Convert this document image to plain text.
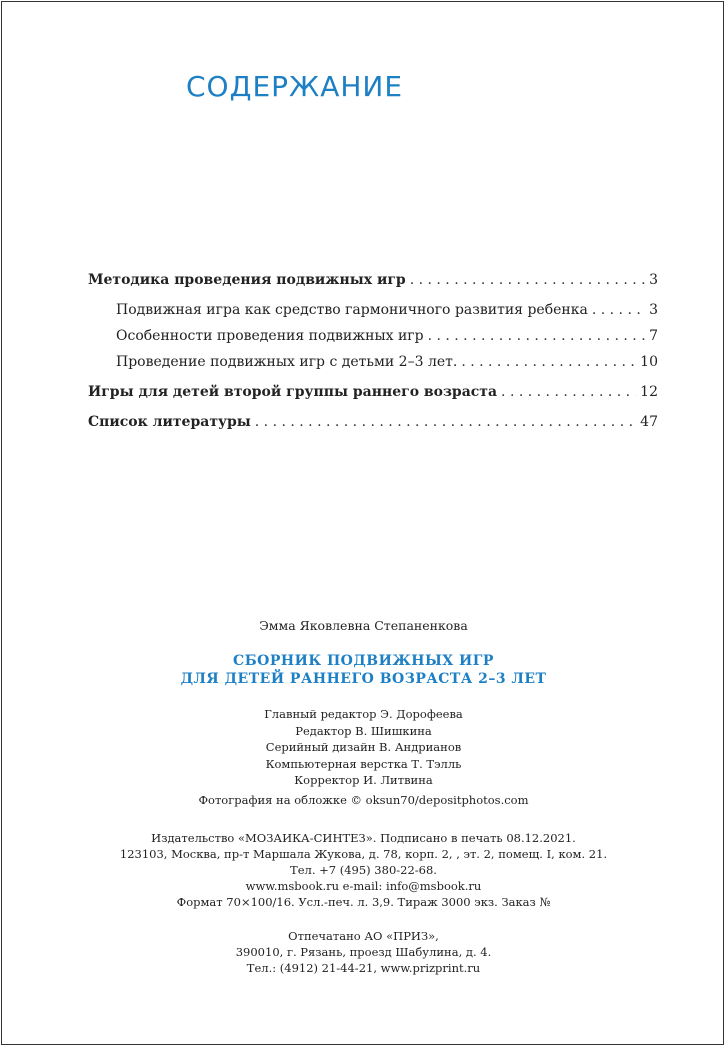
СОДЕРЖАНИЕ
Методика проведения подвижных игр . . .	3
Подвижная игра как средство гармоничного развития ребенка . . .	3
Особенности проведения подвижных игр . . .	7
Проведение подвижных игр с детьми 2–3 лет. . . .	10
Игры для детей второй группы раннего возраста . . .	12
Список литературы . . .	47
Эмма Яковлевна Степаненкова
СБОРНИК ПОДВИЖНЫХ ИГР
ДЛЯ ДЕТЕЙ РАННЕГО ВОЗРАСТА 2–3 ЛЕТ
Главный редактор Э. Дорофеева
Редактор В. Шишкина
Серийный дизайн В. Андрианов
Компьютерная верстка Т. Тэлль
Корректор И. Литвина
Фотография на обложке © oksun70/depositphotos.com
Издательство «МОЗАИКА-СИНТЕЗ». Подписано в печать 08.12.2021.
123103, Москва, пр-т Маршала Жукова, д. 78, корп. 2, , эт. 2, помещ. I, ком. 21.
Тел. +7 (495) 380-22-68.
www.msbook.ru e-mail: info@msbook.ru
Формат 70×100/16. Усл.-печ. л. 3,9. Тираж 3000 экз. Заказ №
Отпечатано АО «ПРИЗ»,
390010, г. Рязань, проезд Шабулина, д. 4.
Тел.: (4912) 21-44-21, www.prizprint.ru
